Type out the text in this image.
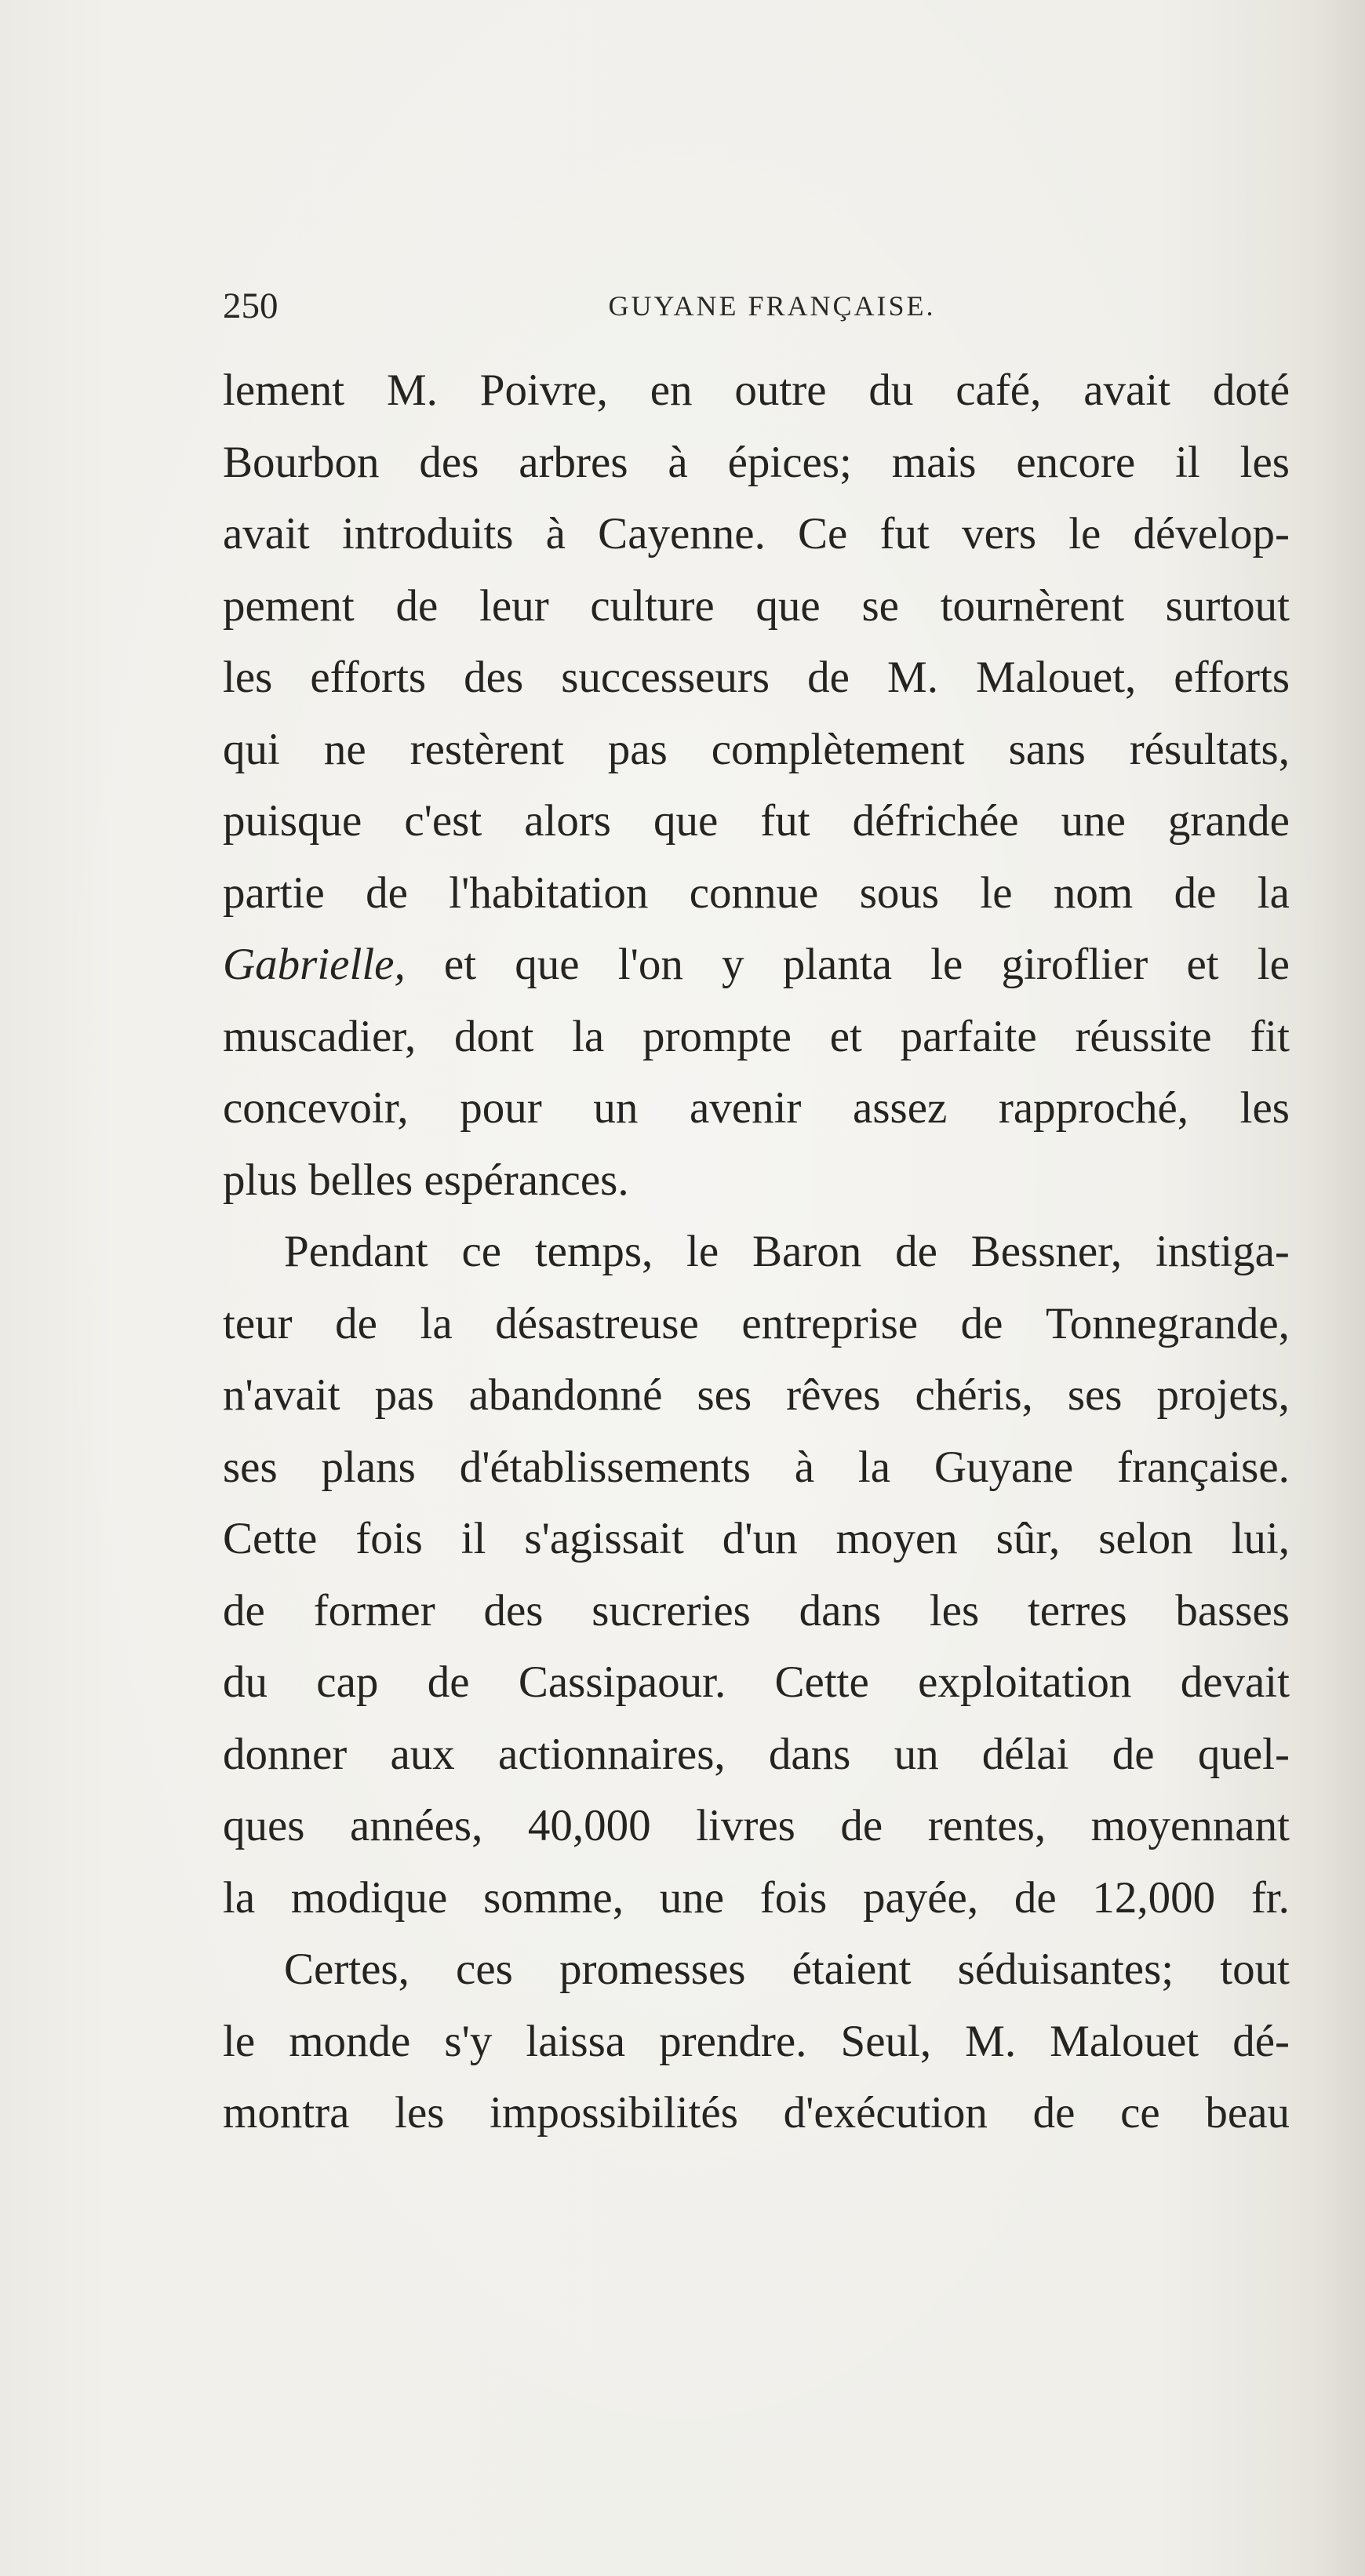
250	GUYANE FRANÇAISE.
lement M. Poivre, en outre du café, avait doté
Bourbon des arbres à épices; mais encore il les
avait introduits à Cayenne. Ce fut vers le dévelop-
pement de leur culture que se tournèrent surtout
les efforts des successeurs de M. Malouet, efforts
qui ne restèrent pas complètement sans résultats,
puisque c'est alors que fut défrichée une grande
partie de l'habitation connue sous le nom de la
Gabrielle, et que l'on y planta le giroflier et le
muscadier, dont la prompte et parfaite réussite fit
concevoir, pour un avenir assez rapproché, les
plus belles espérances.
Pendant ce temps, le Baron de Bessner, instiga-
teur de la désastreuse entreprise de Tonnegrande,
n'avait pas abandonné ses rêves chéris, ses projets,
ses plans d'établissements à la Guyane française.
Cette fois il s'agissait d'un moyen sûr, selon lui,
de former des sucreries dans les terres basses
du cap de Cassipaour. Cette exploitation devait
donner aux actionnaires, dans un délai de quel-
ques années, 40,000 livres de rentes, moyennant
la modique somme, une fois payée, de 12,000 fr.
Certes, ces promesses étaient séduisantes; tout
le monde s'y laissa prendre. Seul, M. Malouet dé-
montra les impossibilités d'exécution de ce beau
